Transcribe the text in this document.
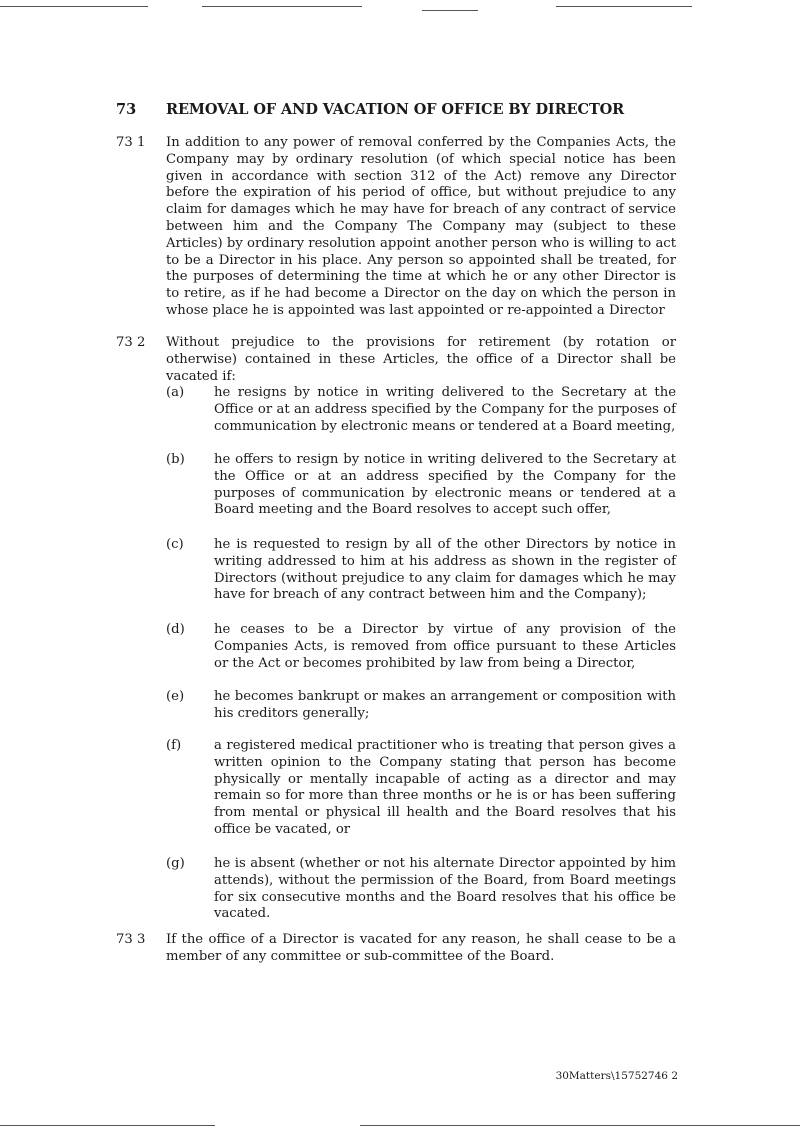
73 REMOVAL OF AND VACATION OF OFFICE BY DIRECTOR
73 1 In addition to any power of removal conferred by the Companies Acts, the Company may by ordinary resolution (of which special notice has been given in accordance with section 312 of the Act) remove any Director before the expiration of his period of office, but without prejudice to any claim for damages which he may have for breach of any contract of service between him and the Company The Company may (subject to these Articles) by ordinary resolution appoint another person who is willing to act to be a Director in his place. Any person so appointed shall be treated, for the purposes of determining the time at which he or any other Director is to retire, as if he had become a Director on the day on which the person in whose place he is appointed was last appointed or re-appointed a Director
73 2 Without prejudice to the provisions for retirement (by rotation or otherwise) contained in these Articles, the office of a Director shall be vacated if:
(a) he resigns by notice in writing delivered to the Secretary at the Office or at an address specified by the Company for the purposes of communication by electronic means or tendered at a Board meeting,
(b) he offers to resign by notice in writing delivered to the Secretary at the Office or at an address specified by the Company for the purposes of communication by electronic means or tendered at a Board meeting and the Board resolves to accept such offer,
(c) he is requested to resign by all of the other Directors by notice in writing addressed to him at his address as shown in the register of Directors (without prejudice to any claim for damages which he may have for breach of any contract between him and the Company);
(d) he ceases to be a Director by virtue of any provision of the Companies Acts, is removed from office pursuant to these Articles or the Act or becomes prohibited by law from being a Director,
(e) he becomes bankrupt or makes an arrangement or composition with his creditors generally;
(f) a registered medical practitioner who is treating that person gives a written opinion to the Company stating that person has become physically or mentally incapable of acting as a director and may remain so for more than three months or he is or has been suffering from mental or physical ill health and the Board resolves that his office be vacated, or
(g) he is absent (whether or not his alternate Director appointed by him attends), without the permission of the Board, from Board meetings for six consecutive months and the Board resolves that his office be vacated.
73 3 If the office of a Director is vacated for any reason, he shall cease to be a member of any committee or sub-committee of the Board.
30Matters\15752746 2
